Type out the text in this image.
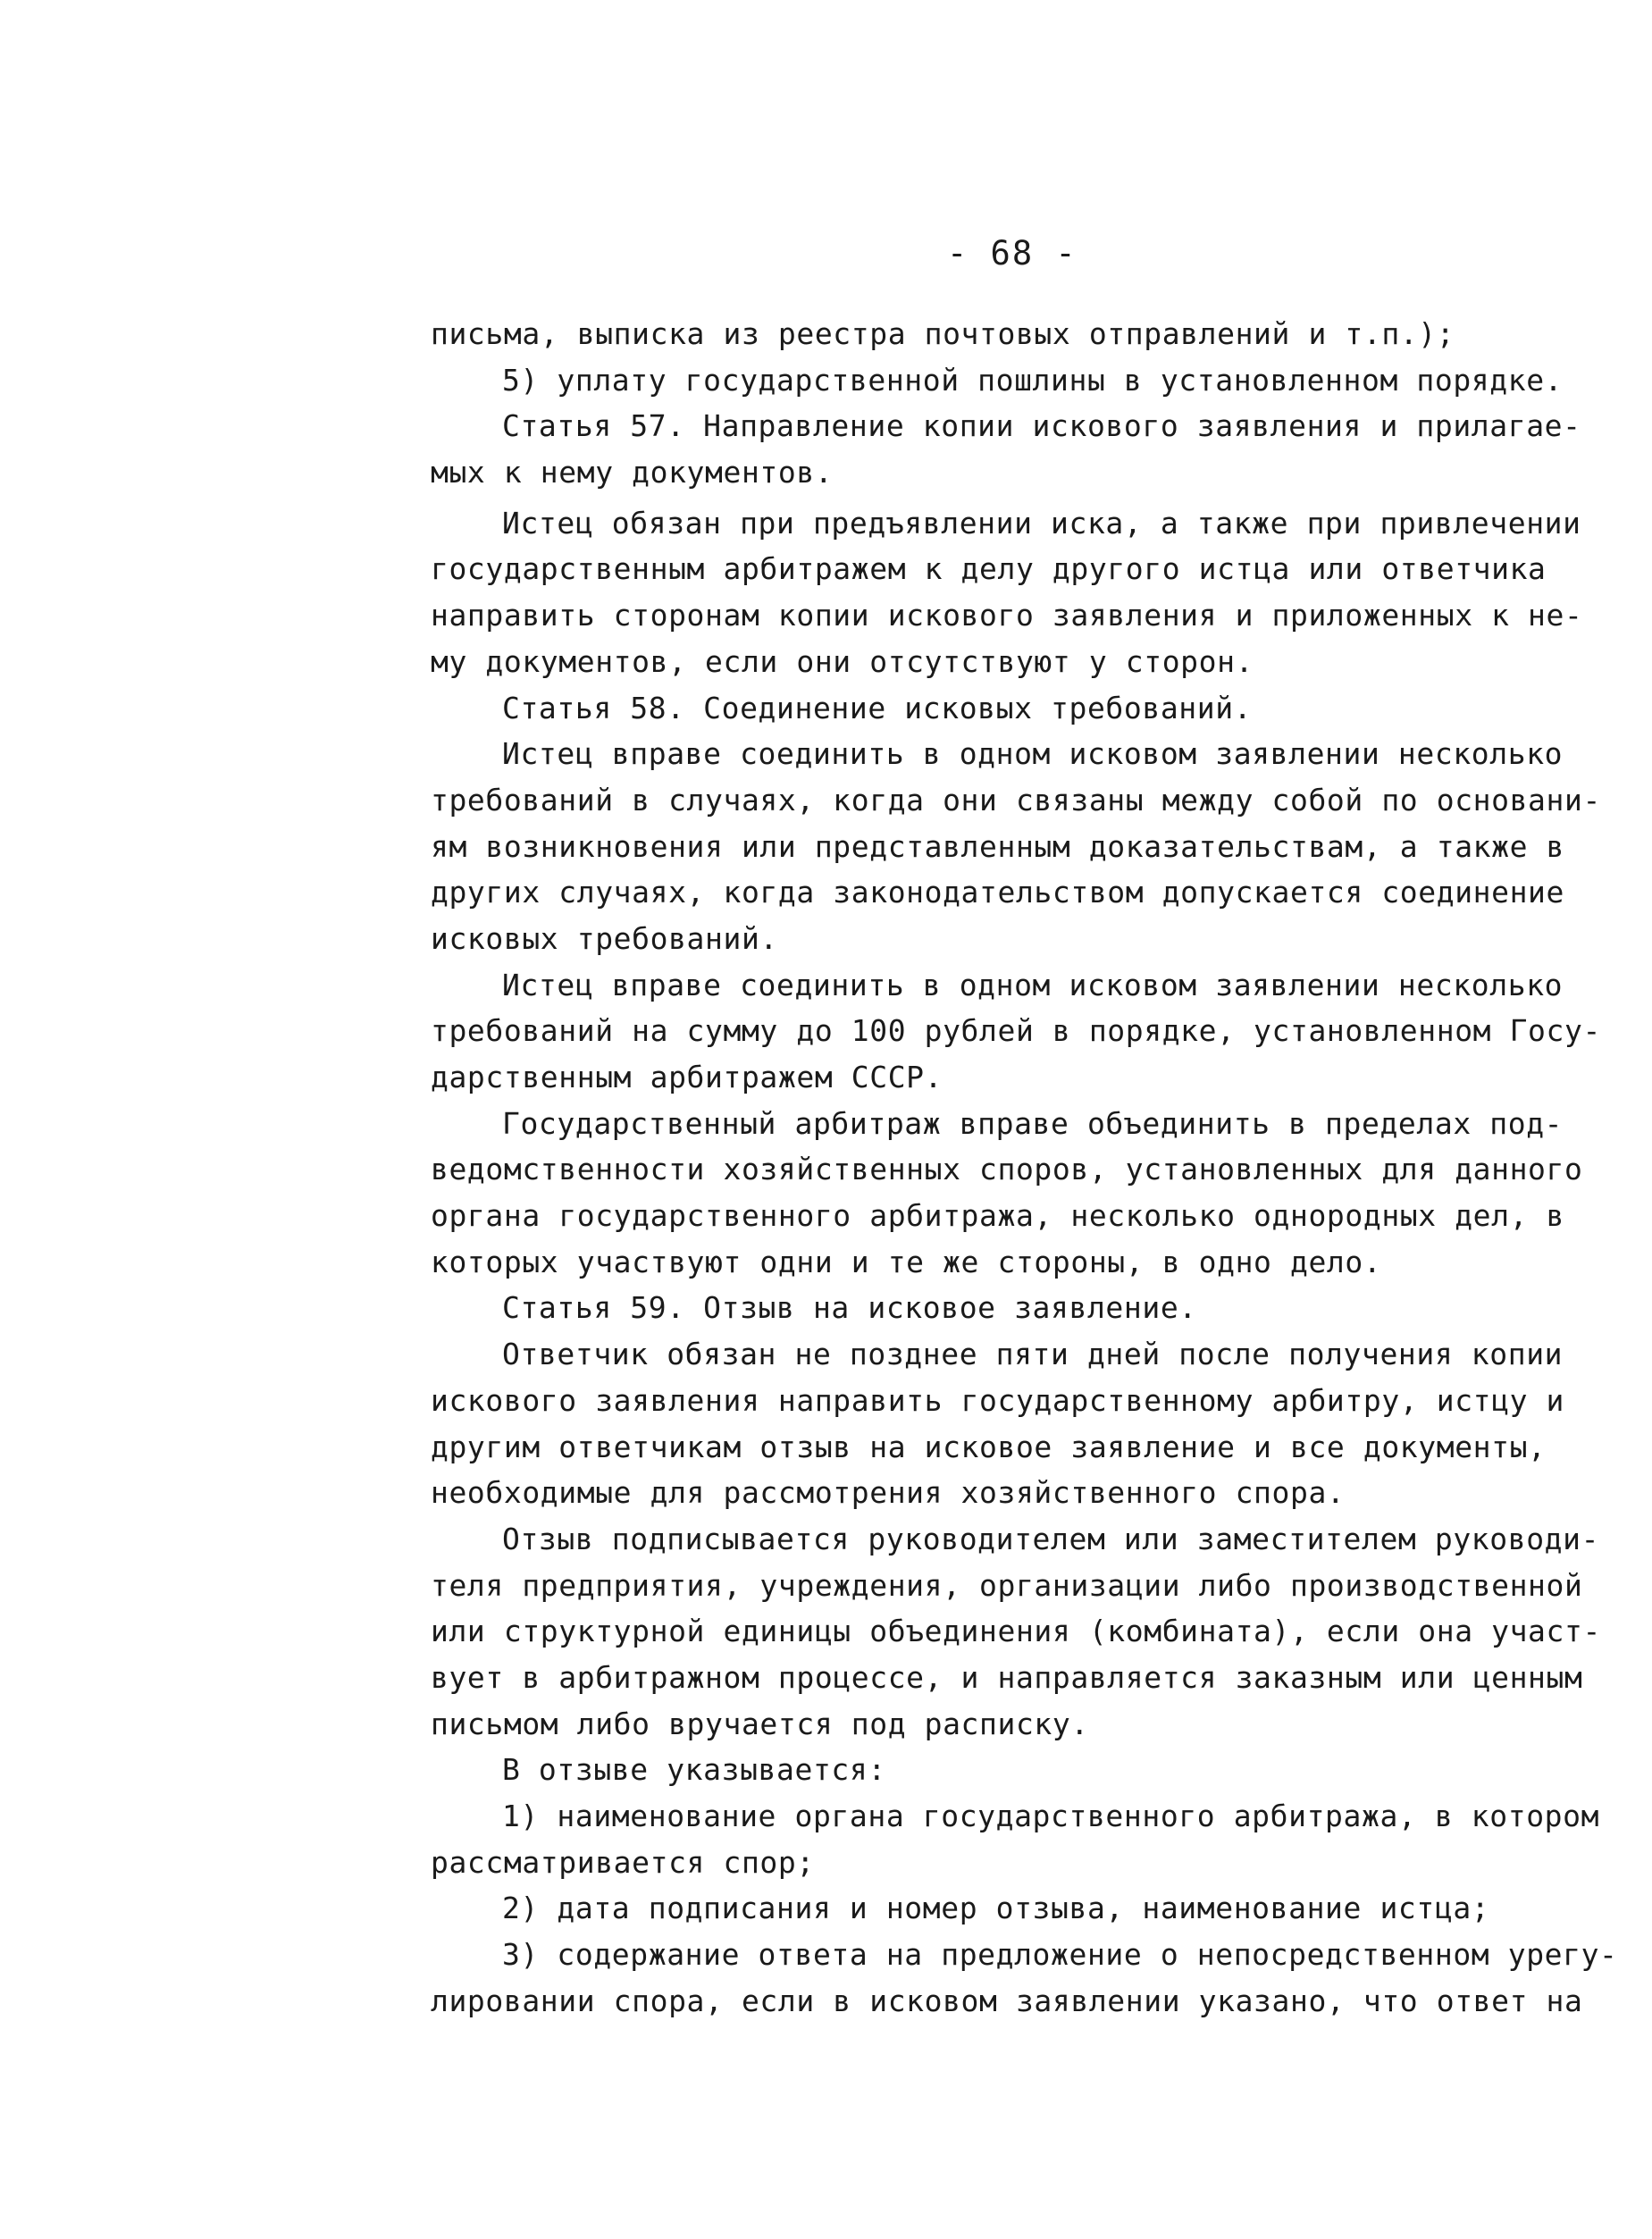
- 68 -
письма, выписка из реестра почтовых отправлений и т.п.);
5) уплату государственной пошлины в установленном порядке.
Статья 57. Направление копии искового заявления и прилагае-
мых к нему документов.
Истец обязан при предъявлении иска, а также при привлечении
государственным арбитражем к делу другого истца или ответчика
направить сторонам копии искового заявления и приложенных к не-
му документов, если они отсутствуют у сторон.
Статья 58. Соединение исковых требований.
Истец вправе соединить в одном исковом заявлении несколько
требований в случаях, когда они связаны между собой по основани-
ям возникновения или представленным доказательствам, а также в
других случаях, когда законодательством допускается соединение
исковых требований.
Истец вправе соединить в одном исковом заявлении несколько
требований на сумму до 100 рублей в порядке, установленном Госу-
дарственным арбитражем СССР.
Государственный арбитраж вправе объединить в пределах под-
ведомственности хозяйственных споров, установленных для данного
органа государственного арбитража, несколько однородных дел, в
которых участвуют одни и те же стороны, в одно дело.
Статья 59. Отзыв на исковое заявление.
Ответчик обязан не позднее пяти дней после получения копии
искового заявления направить государственному арбитру, истцу и
другим ответчикам отзыв на исковое заявление и все документы,
необходимые для рассмотрения хозяйственного спора.
Отзыв подписывается руководителем или заместителем руководи-
теля предприятия, учреждения, организации либо производственной
или структурной единицы объединения (комбината), если она участ-
вует в арбитражном процессе, и направляется заказным или ценным
письмом либо вручается под расписку.
В отзыве указывается:
1) наименование органа государственного арбитража, в котором
рассматривается спор;
2) дата подписания и номер отзыва, наименование истца;
3) содержание ответа на предложение о непосредственном урегу-
лировании спора, если в исковом заявлении указано, что ответ на
